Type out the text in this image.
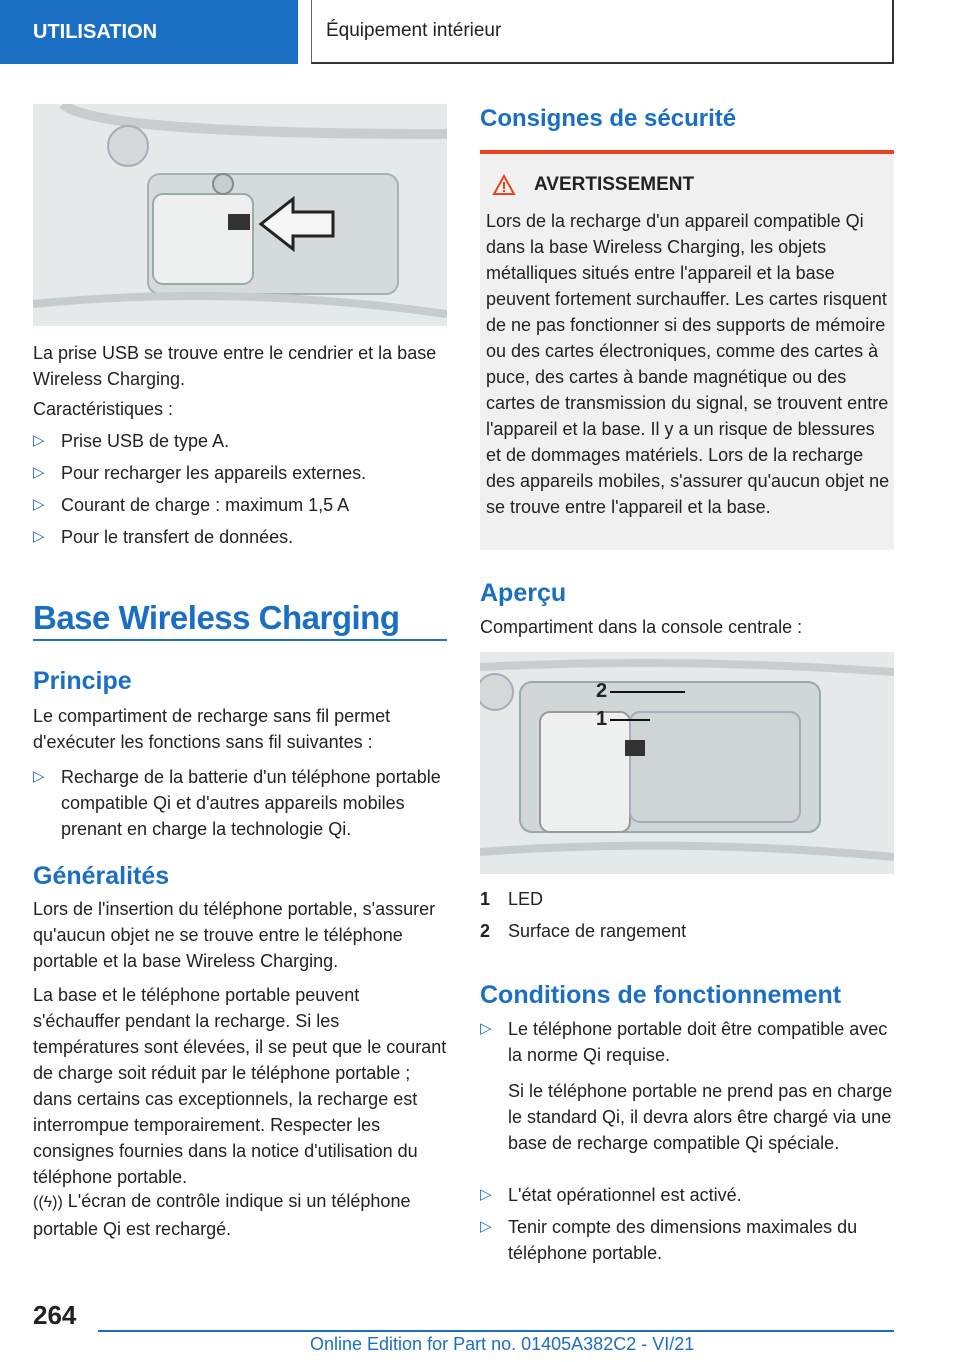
UTILISATION	Équipement intérieur

La prise USB se trouve entre le cendrier et la base Wireless Charging.

Caractéristiques :

▷ Prise USB de type A.
▷ Pour recharger les appareils externes.
▷ Courant de charge : maximum 1,5 A
▷ Pour le transfert de données.
Base Wireless Charging
Principe

Le compartiment de recharge sans fil permet d'exécuter les fonctions sans fil suivantes :

▷ Recharge de la batterie d'un téléphone portable compatible Qi et d'autres appareils mobiles prenant en charge la technologie Qi.
Généralités

Lors de l'insertion du téléphone portable, s'assurer qu'aucun objet ne se trouve entre le téléphone portable et la base Wireless Charging.

La base et le téléphone portable peuvent s'échauffer pendant la recharge. Si les températures sont élevées, il se peut que le courant de charge soit réduit par le téléphone portable ; dans certains cas exceptionnels, la recharge est interrompue temporairement. Respecter les consignes fournies dans la notice d'utilisation du téléphone portable.

((ϟ)) L'écran de contrôle indique si un téléphone portable Qi est rechargé.

Consignes de sécurité
AVERTISSEMENT

Lors de la recharge d'un appareil compatible Qi dans la base Wireless Charging, les objets métalliques situés entre l'appareil et la base peuvent fortement surchauffer. Les cartes risquent de ne pas fonctionner si des supports de mémoire ou des cartes électroniques, comme des cartes à puce, des cartes à bande magnétique ou des cartes de transmission du signal, se trouvent entre l'appareil et la base. Il y a un risque de blessures et de dommages matériels. Lors de la recharge des appareils mobiles, s'assurer qu'aucun objet ne se trouve entre l'appareil et la base.

Aperçu

Compartiment dans la console centrale :

2
1
1 LED
2 Surface de rangement
Conditions de fonctionnement
▷ Le téléphone portable doit être compatible avec la norme Qi requise.
Si le téléphone portable ne prend pas en charge le standard Qi, il devra alors être chargé via une base de recharge compatible Qi spéciale.
▷ L'état opérationnel est activé.
▷ Tenir compte des dimensions maximales du téléphone portable.
264
Online Edition for Part no. 01405A382C2 - VI/21
